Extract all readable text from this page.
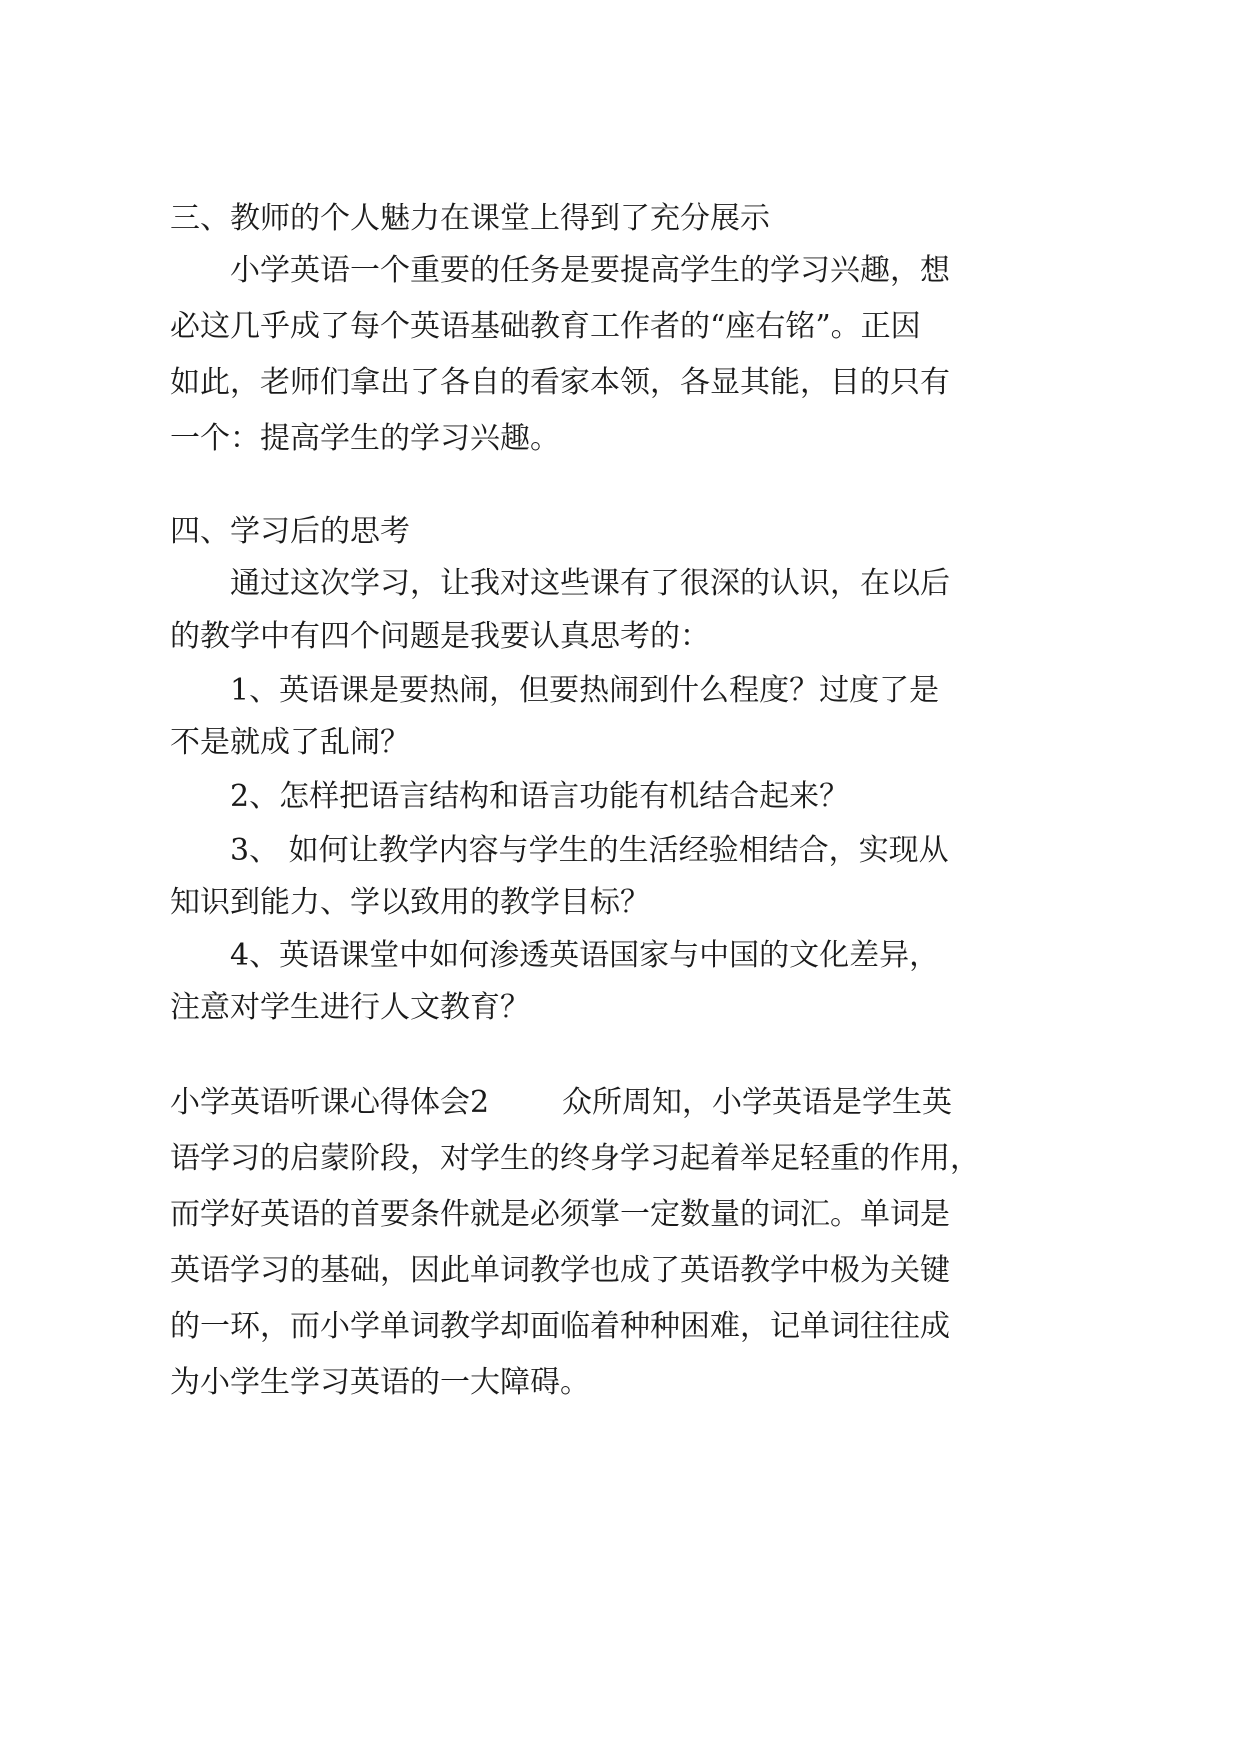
三、教师的个人魅力在课堂上得到了充分展示
小学英语一个重要的任务是要提高学生的学习兴趣，想
必这几乎成了每个英语基础教育工作者的“座右铭”。正因
如此，老师们拿出了各自的看家本领，各显其能，目的只有
一个：提高学生的学习兴趣。
四、学习后的思考
通过这次学习，让我对这些课有了很深的认识，在以后
的教学中有四个问题是我要认真思考的：
1、英语课是要热闹，但要热闹到什么程度？过度了是
不是就成了乱闹？
2、怎样把语言结构和语言功能有机结合起来？
3、 如何让教学内容与学生的生活经验相结合，实现从
知识到能力、学以致用的教学目标？
4、英语课堂中如何渗透英语国家与中国的文化差异，
注意对学生进行人文教育？
小学英语听课心得体会2 众所周知，小学英语是学生英
语学习的启蒙阶段，对学生的终身学习起着举足轻重的作用，
而学好英语的首要条件就是必须掌一定数量的词汇。单词是
英语学习的基础，因此单词教学也成了英语教学中极为关键
的一环，而小学单词教学却面临着种种困难，记单词往往成
为小学生学习英语的一大障碍。
